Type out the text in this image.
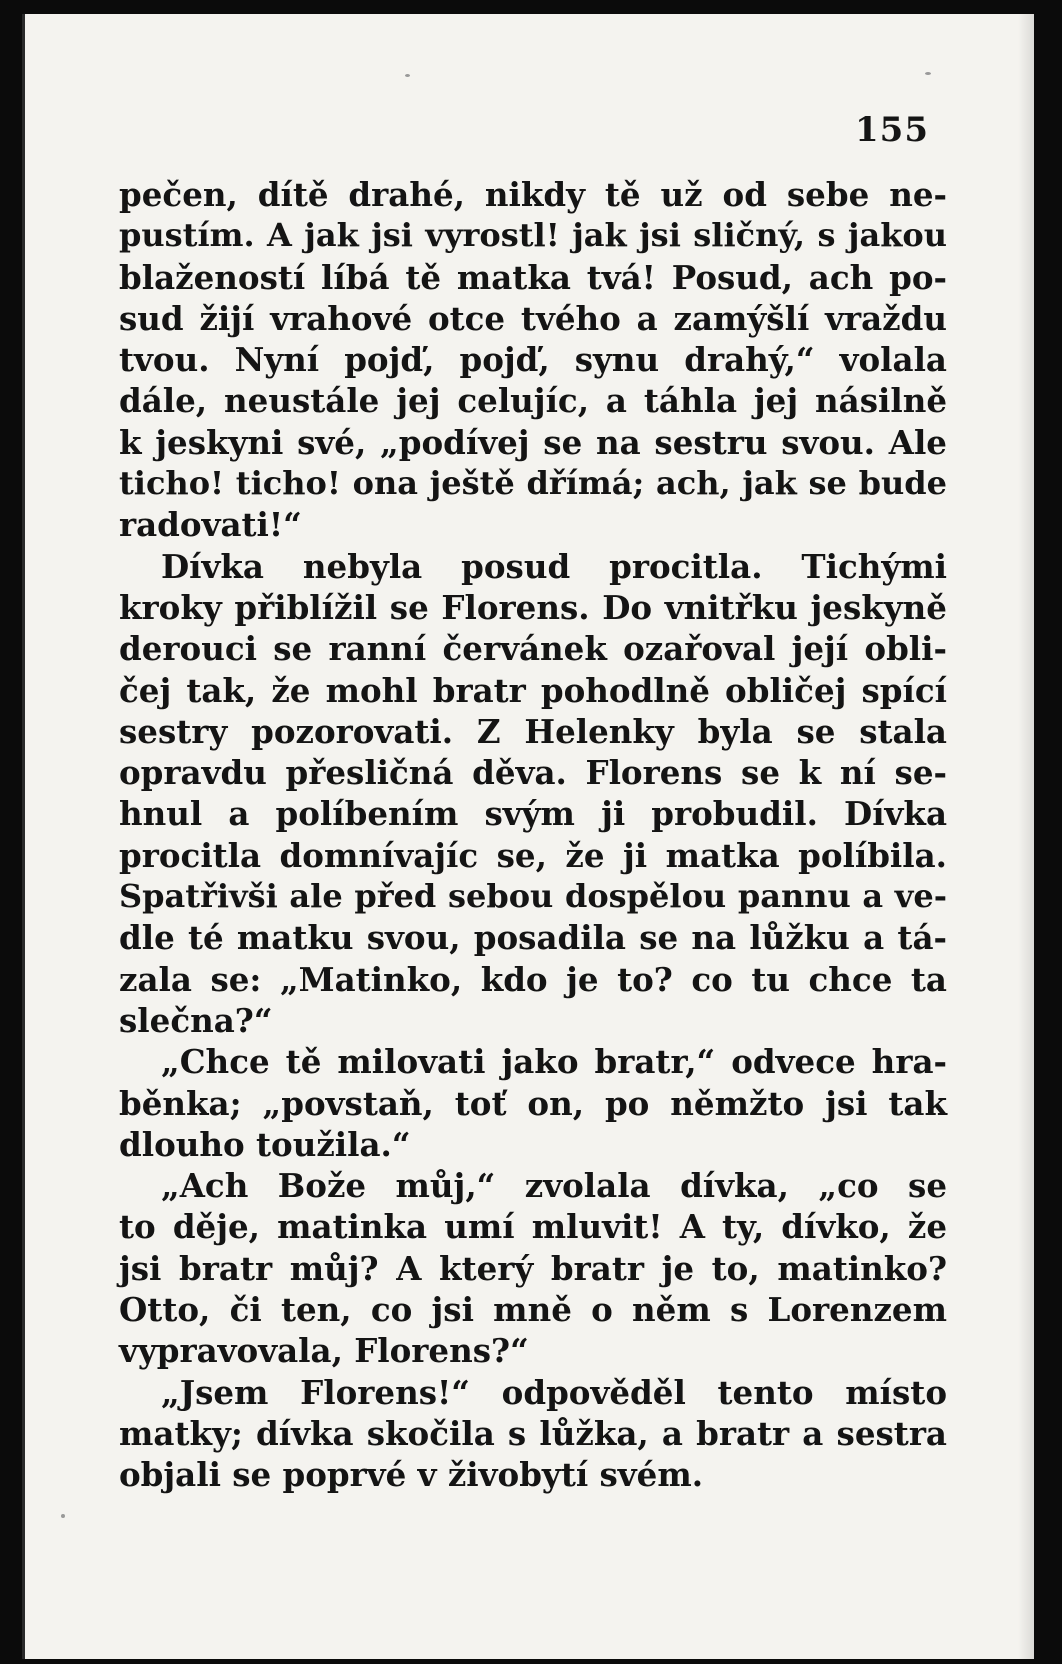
155
pečen, dítě drahé, nikdy tě už od sebe ne-
pustím. A jak jsi vyrostl! jak jsi sličný, s jakou
blažeností líbá tě matka tvá! Posud, ach po-
sud žijí vrahové otce tvého a zamýšlí vraždu
tvou. Nyní pojď, pojď, synu drahý,“ volala
dále, neustále jej celujíc, a táhla jej násilně
k jeskyni své, „podívej se na sestru svou. Ale
ticho! ticho! ona ještě dřímá; ach, jak se bude
radovati!“
Dívka nebyla posud procitla. Tichými
kroky přiblížil se Florens. Do vnitřku jeskyně
derouci se ranní červánek ozařoval její obli-
čej tak, že mohl bratr pohodlně obličej spící
sestry pozorovati. Z Helenky byla se stala
opravdu přesličná děva. Florens se k ní se-
hnul a políbením svým ji probudil. Dívka
procitla domnívajíc se, že ji matka políbila.
Spatřivši ale před sebou dospělou pannu a ve-
dle té matku svou, posadila se na lůžku a tá-
zala se: „Matinko, kdo je to? co tu chce ta
slečna?“
„Chce tě milovati jako bratr,“ odvece hra-
běnka; „povstaň, toť on, po němžto jsi tak
dlouho toužila.“
„Ach Bože můj,“ zvolala dívka, „co se
to děje, matinka umí mluvit! A ty, dívko, že
jsi bratr můj? A který bratr je to, matinko?
Otto, či ten, co jsi mně o něm s Lorenzem
vypravovala, Florens?“
„Jsem Florens!“ odpověděl tento místo
matky; dívka skočila s lůžka, a bratr a sestra
objali se poprvé v živobytí svém.
